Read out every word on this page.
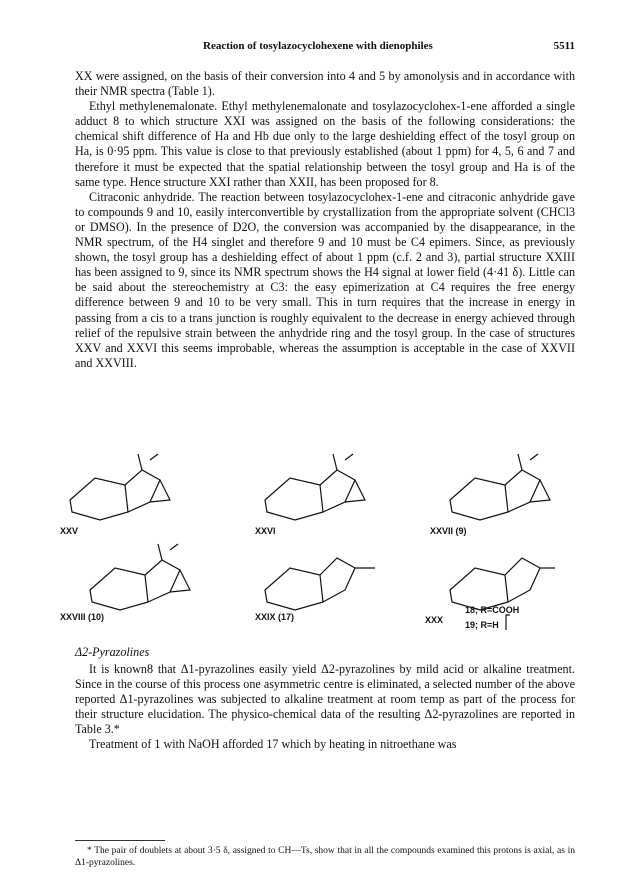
Reaction of tosylazocyclohexene with dienophiles	5511

XX were assigned, on the basis of their conversion into 4 and 5 by amonolysis and in accordance with their NMR spectra (Table 1).

Ethyl methylenemalonate. Ethyl methylenemalonate and tosylazocyclohex-1-ene afforded a single adduct 8 to which structure XXI was assigned on the basis of the following considerations: the chemical shift difference of Ha and Hb due only to the large deshielding effect of the tosyl group on Ha, is 0·95 ppm. This value is close to that previously established (about 1 ppm) for 4, 5, 6 and 7 and therefore it must be expected that the spatial relationship between the tosyl group and Ha is of the same type. Hence structure XXI rather than XXII, has been proposed for 8.

Citraconic anhydride. The reaction between tosylazocyclohex-1-ene and citraconic anhydride gave to compounds 9 and 10, easily interconvertible by crystallization from the appropriate solvent (CHCl3 or DMSO). In the presence of D2O, the conversion was accompanied by the disappearance, in the NMR spectrum, of the H4 singlet and therefore 9 and 10 must be C4 epimers. Since, as previously shown, the tosyl group has a deshielding effect of about 1 ppm (c.f. 2 and 3), partial structure XXIII has been assigned to 9, since its NMR spectrum shows the H4 signal at lower field (4·41 δ). Little can be said about the stereochemistry at C3: the easy epimerization at C4 requires the free energy difference between 9 and 10 to be very small. This in turn requires that the increase in energy in passing from a cis to a trans junction is roughly equivalent to the decrease in energy achieved through relief of the repulsive strain between the anhydride ring and the tosyl group. In the case of structures XXV and XXVI this seems improbable, whereas the assumption is acceptable in the case of XXVII and XXVIII.

XXV	XXVI	XXVII (9)
XXVIII (10)	XXIX (17)	XXX
18; R=COOH
19; R=H
Δ2-Pyrazolines

It is known8 that Δ1-pyrazolines easily yield Δ2-pyrazolines by mild acid or alkaline treatment. Since in the course of this process one asymmetric centre is eliminated, a selected number of the above reported Δ1-pyrazolines was subjected to alkaline treatment at room temp as part of the process for their structure elucidation. The physico-chemical data of the resulting Δ2-pyrazolines are reported in Table 3.*

Treatment of 1 with NaOH afforded 17 which by heating in nitroethane was

* The pair of doublets at about 3·5 δ, assigned to CH—Ts, show that in all the compounds examined this protons is axial, as in Δ1-pyrazolines.
